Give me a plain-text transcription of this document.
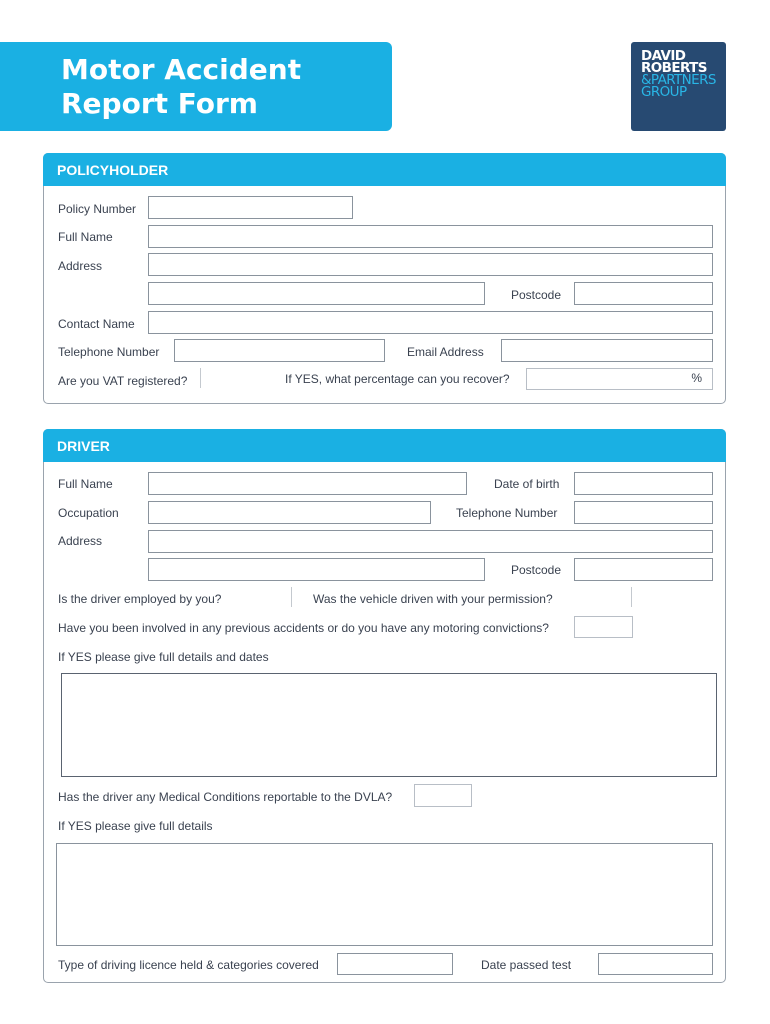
Motor Accident
Report Form
DAVID
ROBERTS
&PARTNERS
GROUP
POLICYHOLDER
Policy Number
Full Name
Address
Postcode
Contact Name
Telephone Number	Email Address
Are you VAT registered?	If YES, what percentage can you recover?	%
DRIVER
Full Name	Date of birth
Occupation	Telephone Number
Address
Postcode
Is the driver employed by you?	Was the vehicle driven with your permission?
Have you been involved in any previous accidents or do you have any motoring convictions?
If YES please give full details and dates
Has the driver any Medical Conditions reportable to the DVLA?
If YES please give full details
Type of driving licence held & categories covered	Date passed test
